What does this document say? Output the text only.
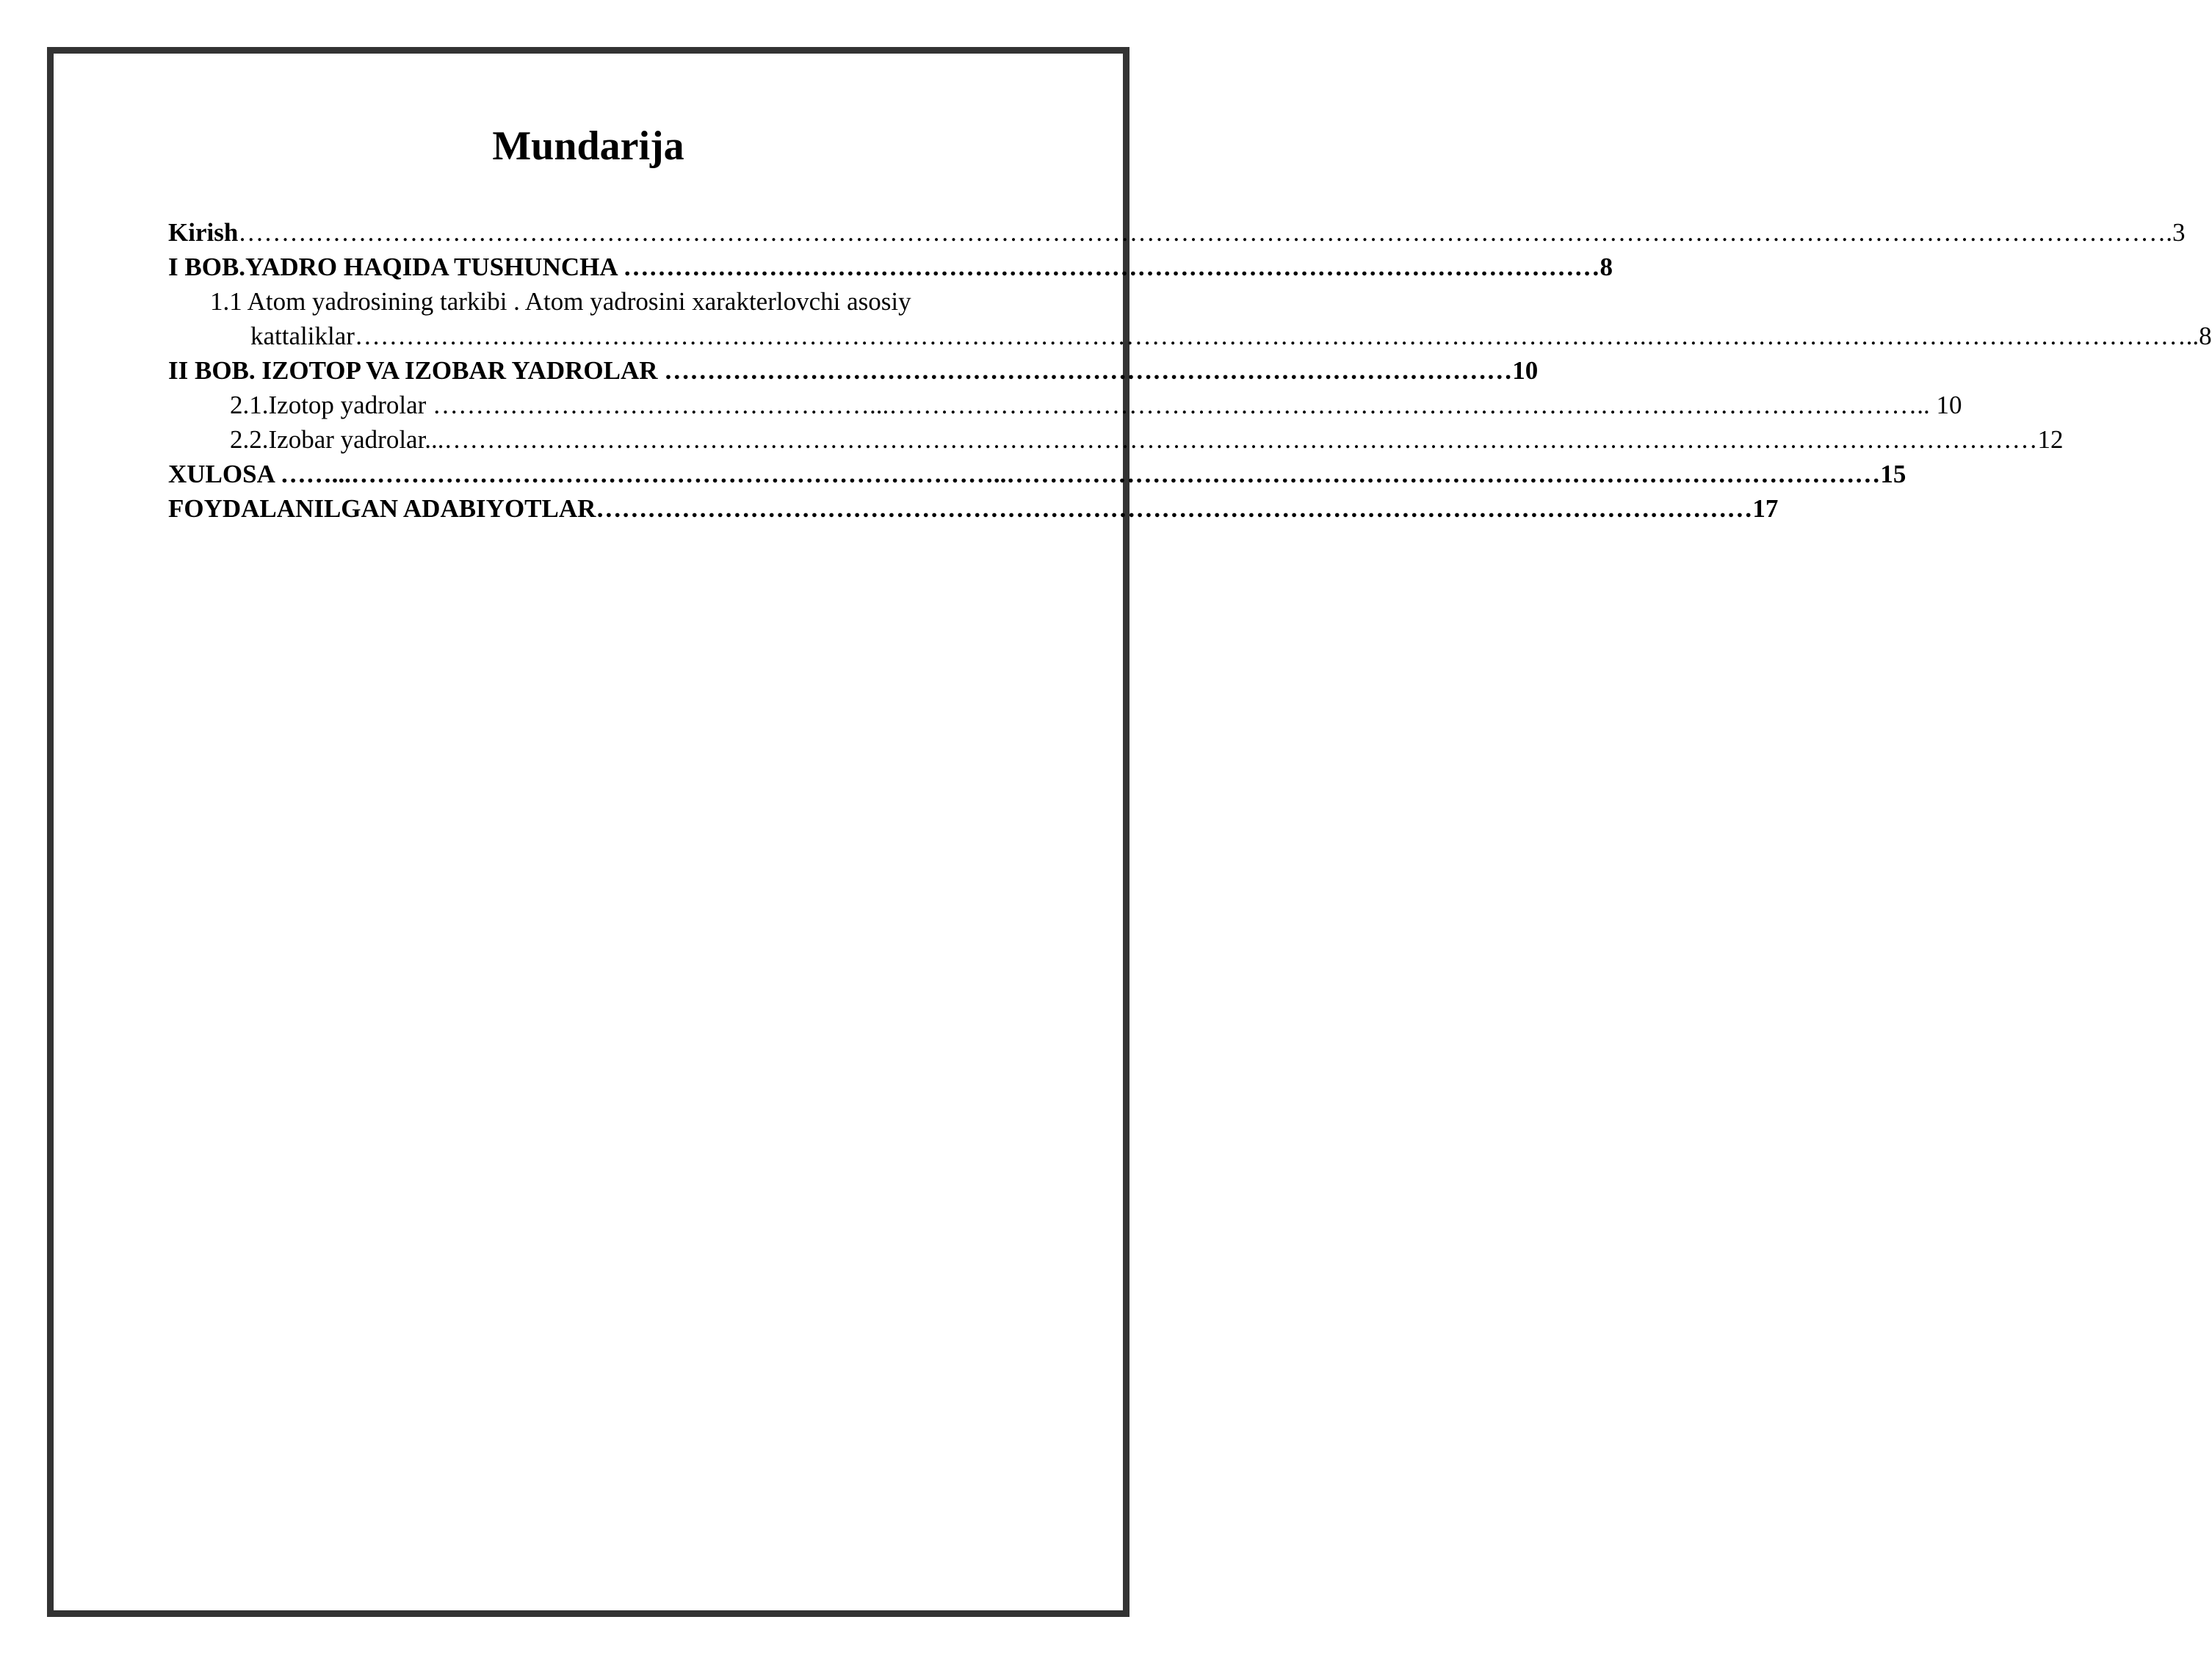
Mundarija
Kirish……………………………………………………………………………………………………………………………………………………………………………………………………….3
I BOB.YADRO HAQIDA TUSHUNCHA ……………………………………………………………………………………………………8
1.1 Atom yadrosining tarkibi . Atom yadrosini xarakterlovchi asosiy
kattaliklar…………………………………………………………………………………………………………………………………….………………………………………………………..8
II BOB. IZOTOP VA IZOBAR YADROLAR ………………………………………………………………………………………10
2.1.Izotop yadrolar ……………………………………………...………………………………………………………………………………………………………….. 10
2.2.Izobar yadrolar...……………………………………………………………………………………………………………………………………………………………………12
XULOSA ……...…………………………………………………………………..…………………………………………………………………………………………15
FOYDALANILGAN ADABIYOTLAR………………………………………………………………………………………………………………………17
